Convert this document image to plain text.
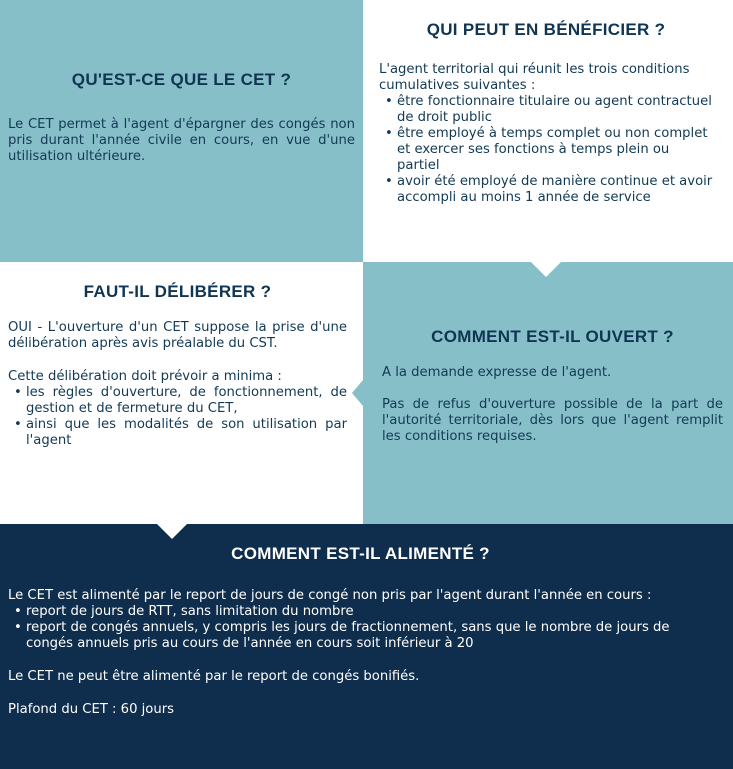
QU'EST-CE QUE LE CET ?

Le CET permet à l'agent d'épargner des congés non pris durant l'année civile en cours, en vue d'une utilisation ultérieure.

QUI PEUT EN BÉNÉFICIER ?

L'agent territorial qui réunit les trois conditions cumulatives suivantes :

• être fonctionnaire titulaire ou agent contractuel de droit public
• être employé à temps complet ou non complet et exercer ses fonctions à temps plein ou partiel
• avoir été employé de manière continue et avoir accompli au moins 1 année de service
FAUT-IL DÉLIBÉRER ?

OUI - L'ouverture d'un CET suppose la prise d'une délibération après avis préalable du CST.

Cette délibération doit prévoir a minima :

• les règles d'ouverture, de fonctionnement, de gestion et de fermeture du CET,
• ainsi que les modalités de son utilisation par l'agent
COMMENT EST-IL OUVERT ?

A la demande expresse de l'agent.

Pas de refus d'ouverture possible de la part de l'autorité territoriale, dès lors que l'agent remplit les conditions requises.

COMMENT EST-IL ALIMENTÉ ?

Le CET est alimenté par le report de jours de congé non pris par l'agent durant l'année en cours :

• report de jours de RTT, sans limitation du nombre
• report de congés annuels, y compris les jours de fractionnement, sans que le nombre de jours de congés annuels pris au cours de l'année en cours soit inférieur à 20

Le CET ne peut être alimenté par le report de congés bonifiés.

Plafond du CET : 60 jours
